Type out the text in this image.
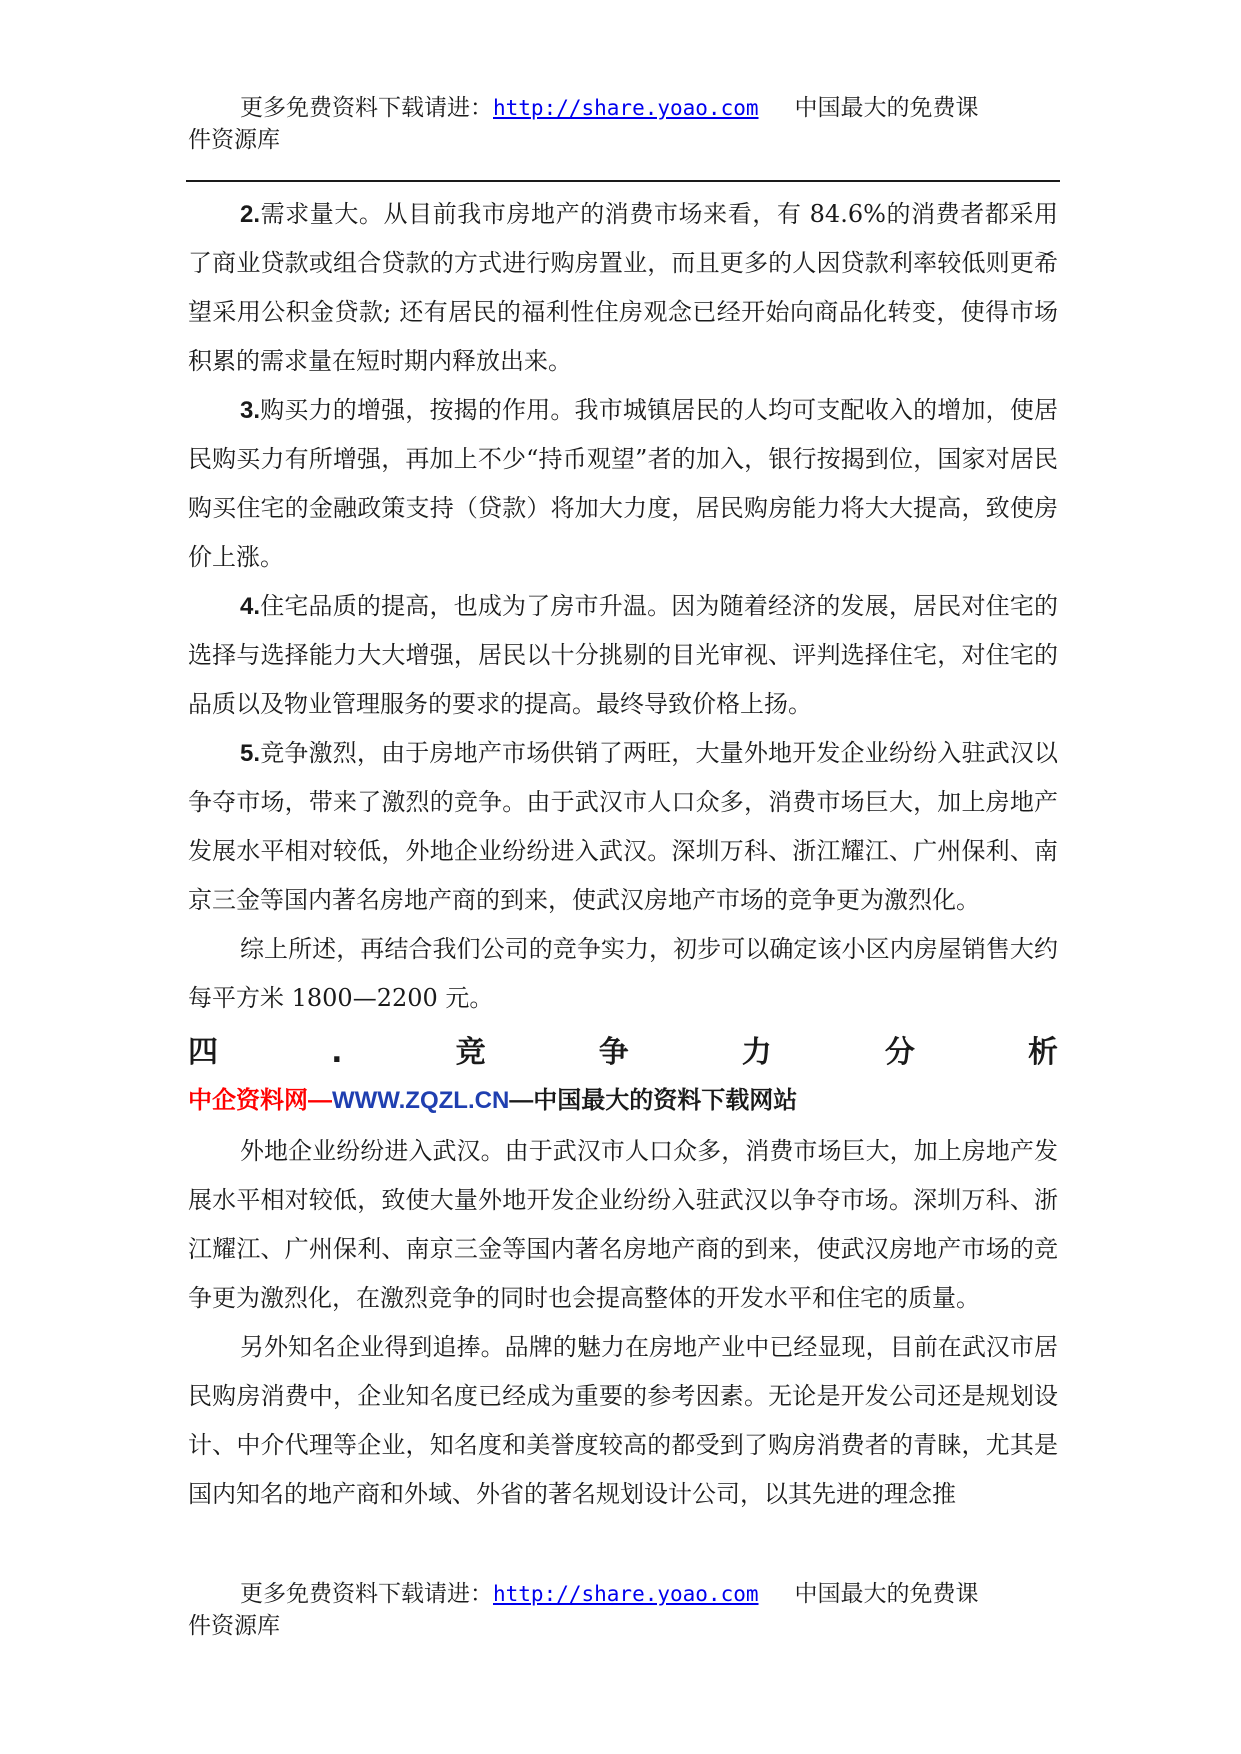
更多免费资料下载请进：http://share.yoao.com 中国最大的免费课
件资源库

2.需求量大。从目前我市房地产的消费市场来看，有 84.6%的消费者都采用了商业贷款或组合贷款的方式进行购房置业，而且更多的人因贷款利率较低则更希望采用公积金贷款; 还有居民的福利性住房观念已经开始向商品化转变，使得市场积累的需求量在短时期内释放出来。

3.购买力的增强，按揭的作用。我市城镇居民的人均可支配收入的增加，使居民购买力有所增强，再加上不少“持币观望”者的加入，银行按揭到位，国家对居民购买住宅的金融政策支持（贷款）将加大力度，居民购房能力将大大提高，致使房价上涨。

4.住宅品质的提高，也成为了房市升温。因为随着经济的发展，居民对住宅的选择与选择能力大大增强，居民以十分挑剔的目光审视、评判选择住宅，对住宅的品质以及物业管理服务的要求的提高。最终导致价格上扬。

5.竞争激烈，由于房地产市场供销了两旺，大量外地开发企业纷纷入驻武汉以争夺市场，带来了激烈的竞争。由于武汉市人口众多，消费市场巨大，加上房地产发展水平相对较低，外地企业纷纷进入武汉。深圳万科、浙江耀江、广州保利、南京三金等国内著名房地产商的到来，使武汉房地产市场的竞争更为激烈化。

综上所述，再结合我们公司的竞争实力，初步可以确定该小区内房屋销售大约每平方米 1800—2200 元。

四	.	竞	争	力	分	析
中企资料网—WWW.ZQZL.CN—中国最大的资料下载网站

外地企业纷纷进入武汉。由于武汉市人口众多，消费市场巨大，加上房地产发展水平相对较低，致使大量外地开发企业纷纷入驻武汉以争夺市场。深圳万科、浙江耀江、广州保利、南京三金等国内著名房地产商的到来，使武汉房地产市场的竞争更为激烈化，在激烈竞争的同时也会提高整体的开发水平和住宅的质量。

另外知名企业得到追捧。品牌的魅力在房地产业中已经显现，目前在武汉市居民购房消费中，企业知名度已经成为重要的参考因素。无论是开发公司还是规划设计、中介代理等企业，知名度和美誉度较高的都受到了购房消费者的青睐，尤其是国内知名的地产商和外域、外省的著名规划设计公司，以其先进的理念推

更多免费资料下载请进：http://share.yoao.com 中国最大的免费课
件资源库
